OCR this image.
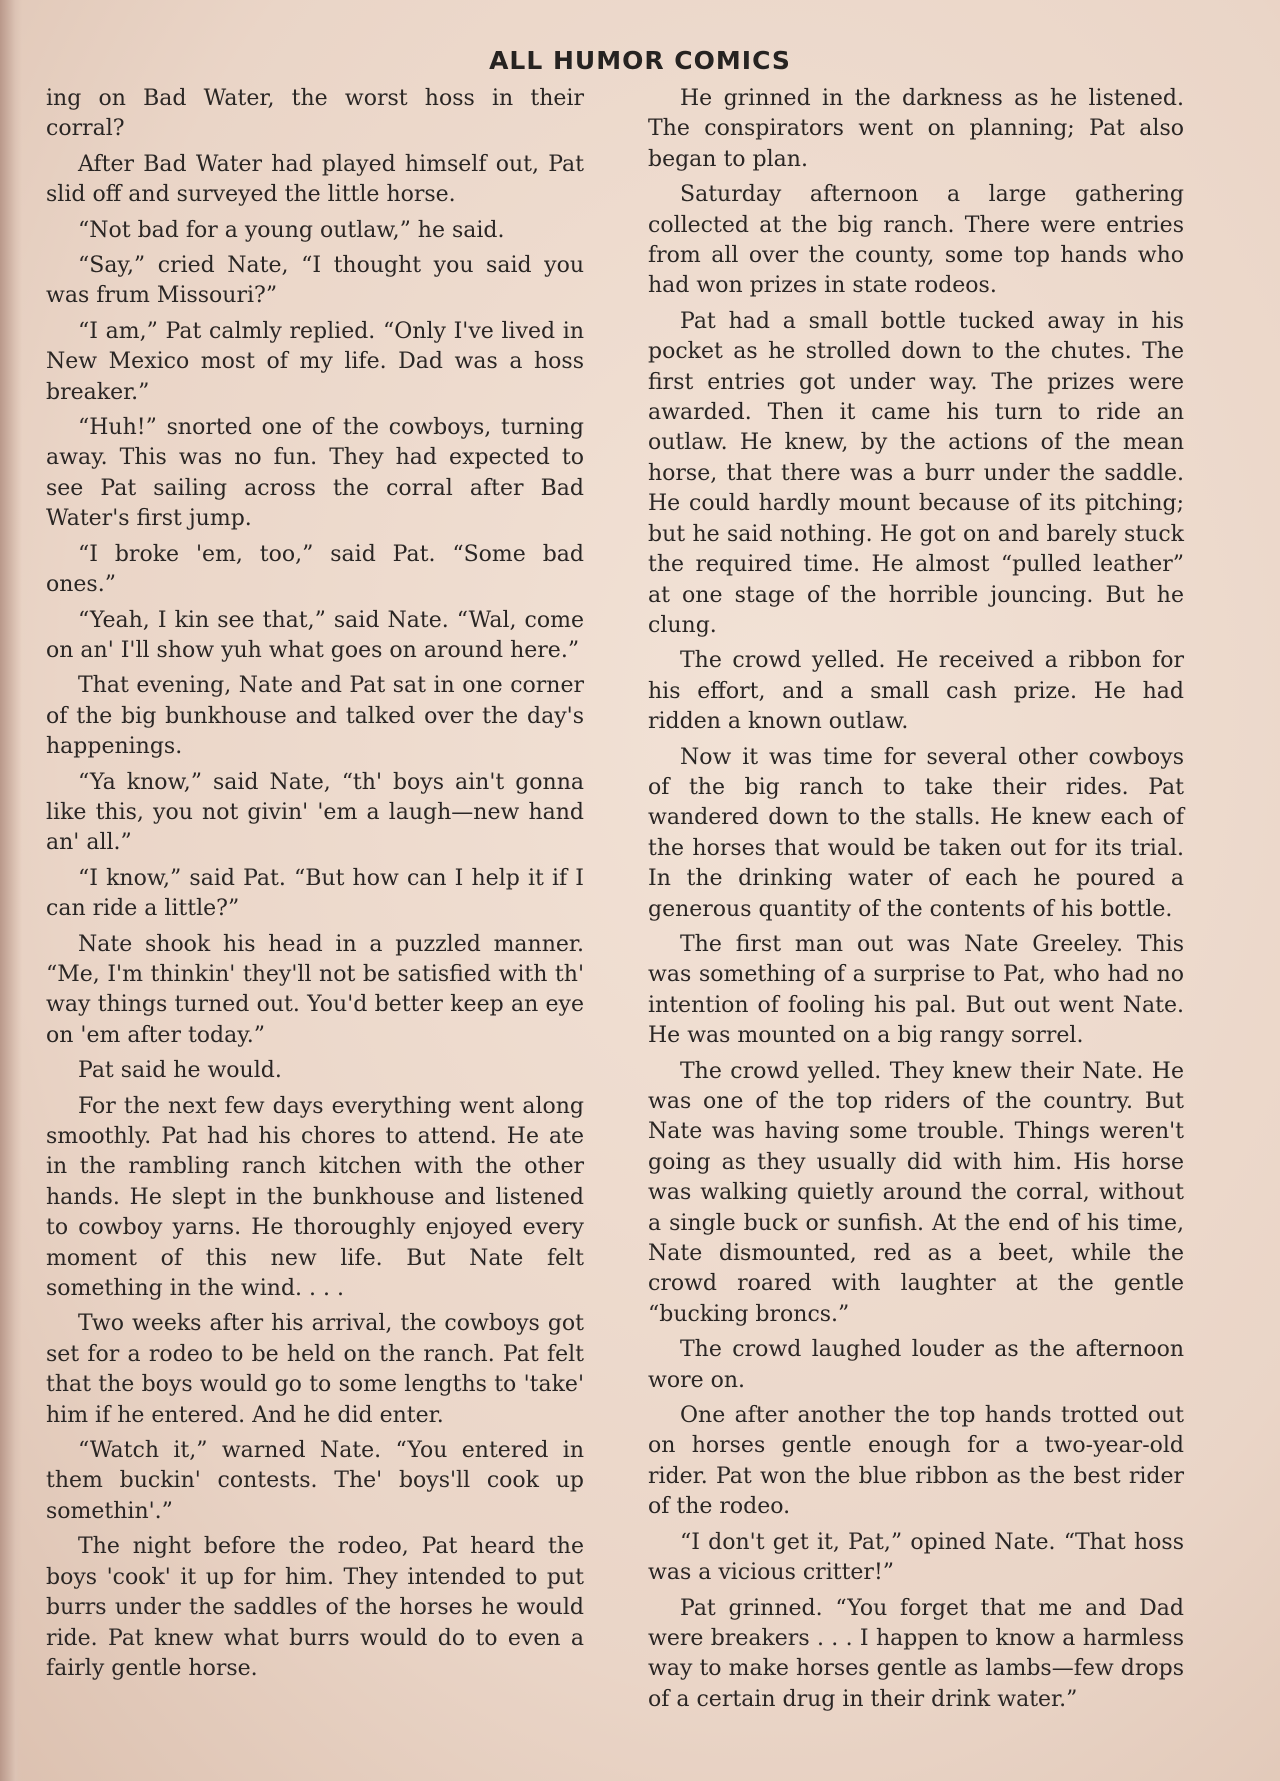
ALL HUMOR COMICS

ing on Bad Water, the worst hoss in their corral?

After Bad Water had played himself out, Pat slid off and surveyed the little horse.

“Not bad for a young outlaw,” he said.

“Say,” cried Nate, “I thought you said you was frum Missouri?”

“I am,” Pat calmly replied. “Only I've lived in New Mexico most of my life. Dad was a hoss breaker.”

“Huh!” snorted one of the cowboys, turning away. This was no fun. They had expected to see Pat sailing across the corral after Bad Water's first jump.

“I broke 'em, too,” said Pat. “Some bad ones.”

“Yeah, I kin see that,” said Nate. “Wal, come on an' I'll show yuh what goes on around here.”

That evening, Nate and Pat sat in one corner of the big bunkhouse and talked over the day's happenings.

“Ya know,” said Nate, “th' boys ain't gonna like this, you not givin' 'em a laugh—new hand an' all.”

“I know,” said Pat. “But how can I help it if I can ride a little?”

Nate shook his head in a puzzled manner. “Me, I'm thinkin' they'll not be satisfied with th' way things turned out. You'd better keep an eye on 'em after today.”

Pat said he would.

For the next few days everything went along smoothly. Pat had his chores to attend. He ate in the rambling ranch kitchen with the other hands. He slept in the bunkhouse and listened to cowboy yarns. He thoroughly enjoyed every moment of this new life. But Nate felt something in the wind. . . .

Two weeks after his arrival, the cowboys got set for a rodeo to be held on the ranch. Pat felt that the boys would go to some lengths to 'take' him if he entered. And he did enter.

“Watch it,” warned Nate. “You entered in them buckin' contests. The' boys'll cook up somethin'.”

The night before the rodeo, Pat heard the boys 'cook' it up for him. They intended to put burrs under the saddles of the horses he would ride. Pat knew what burrs would do to even a fairly gentle horse.

He grinned in the darkness as he listened. The conspirators went on planning; Pat also began to plan.

Saturday afternoon a large gathering collected at the big ranch. There were entries from all over the county, some top hands who had won prizes in state rodeos.

Pat had a small bottle tucked away in his pocket as he strolled down to the chutes. The first entries got under way. The prizes were awarded. Then it came his turn to ride an outlaw. He knew, by the actions of the mean horse, that there was a burr under the saddle. He could hardly mount because of its pitching; but he said nothing. He got on and barely stuck the required time. He almost “pulled leather” at one stage of the horrible jouncing. But he clung.

The crowd yelled. He received a ribbon for his effort, and a small cash prize. He had ridden a known outlaw.

Now it was time for several other cowboys of the big ranch to take their rides. Pat wandered down to the stalls. He knew each of the horses that would be taken out for its trial. In the drinking water of each he poured a generous quantity of the contents of his bottle.

The first man out was Nate Greeley. This was something of a surprise to Pat, who had no intention of fooling his pal. But out went Nate. He was mounted on a big rangy sorrel.

The crowd yelled. They knew their Nate. He was one of the top riders of the country. But Nate was having some trouble. Things weren't going as they usually did with him. His horse was walking quietly around the corral, without a single buck or sunfish. At the end of his time, Nate dismounted, red as a beet, while the crowd roared with laughter at the gentle “bucking broncs.”

The crowd laughed louder as the afternoon wore on.

One after another the top hands trotted out on horses gentle enough for a two-year-old rider. Pat won the blue ribbon as the best rider of the rodeo.

“I don't get it, Pat,” opined Nate. “That hoss was a vicious critter!”

Pat grinned. “You forget that me and Dad were breakers . . . I happen to know a harmless way to make horses gentle as lambs—few drops of a certain drug in their drink water.”
